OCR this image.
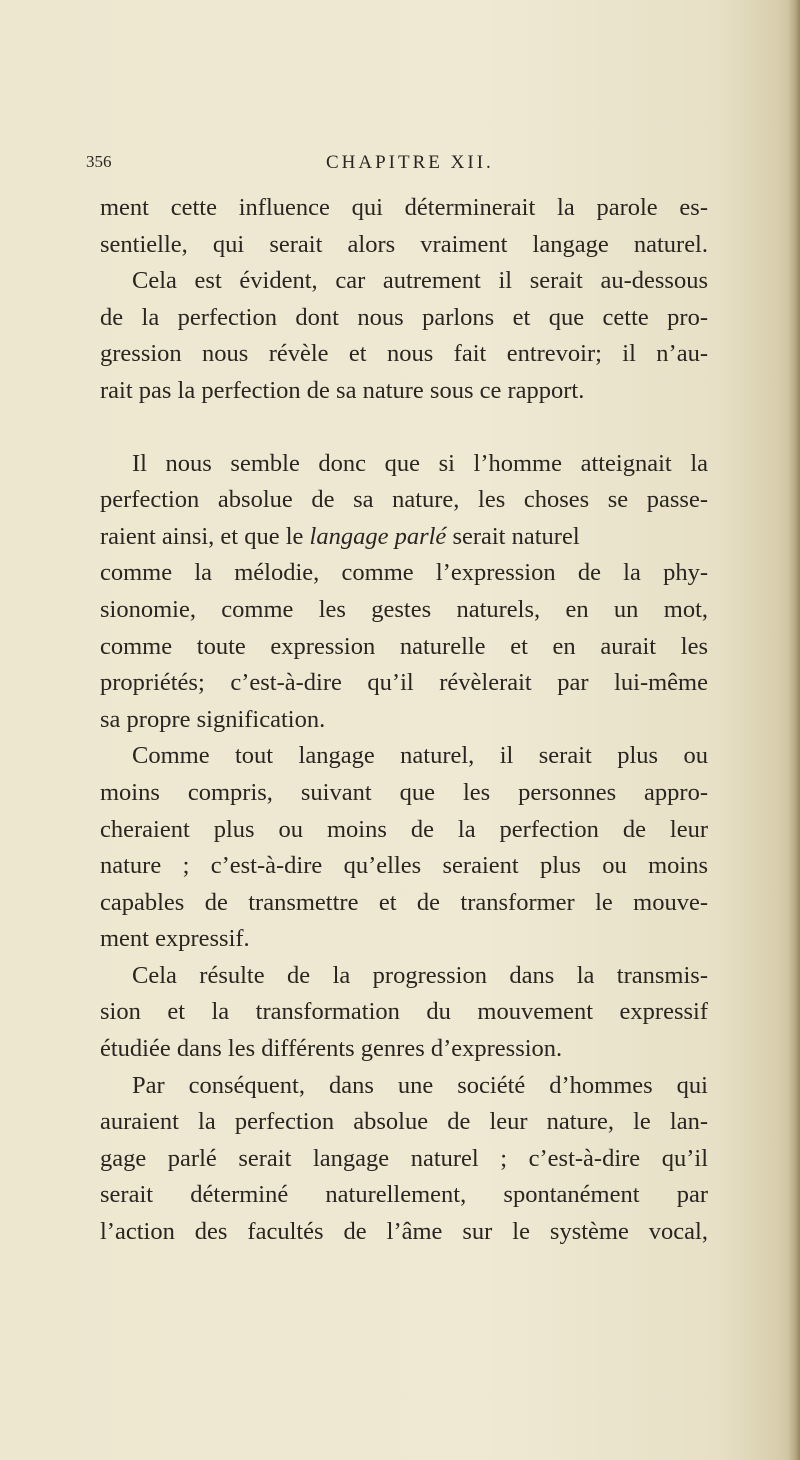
356	CHAPITRE XII.
ment cette influence qui déterminerait la parole es-
sentielle, qui serait alors vraiment langage naturel.
Cela est évident, car autrement il serait au-dessous
de la perfection dont nous parlons et que cette pro-
gression nous révèle et nous fait entrevoir; il n’au-
rait pas la perfection de sa nature sous ce rapport.
Il nous semble donc que si l’homme atteignait la
perfection absolue de sa nature, les choses se passe-
raient ainsi, et que le langage parlé serait naturel
comme la mélodie, comme l’expression de la phy-
sionomie, comme les gestes naturels, en un mot,
comme toute expression naturelle et en aurait les
propriétés; c’est-à-dire qu’il révèlerait par lui-même
sa propre signification.
Comme tout langage naturel, il serait plus ou
moins compris, suivant que les personnes appro-
cheraient plus ou moins de la perfection de leur
nature ; c’est-à-dire qu’elles seraient plus ou moins
capables de transmettre et de transformer le mouve-
ment expressif.
Cela résulte de la progression dans la transmis-
sion et la transformation du mouvement expressif
étudiée dans les différents genres d’expression.
Par conséquent, dans une société d’hommes qui
auraient la perfection absolue de leur nature, le lan-
gage parlé serait langage naturel ; c’est-à-dire qu’il
serait déterminé naturellement, spontanément par
l’action des facultés de l’âme sur le système vocal,
